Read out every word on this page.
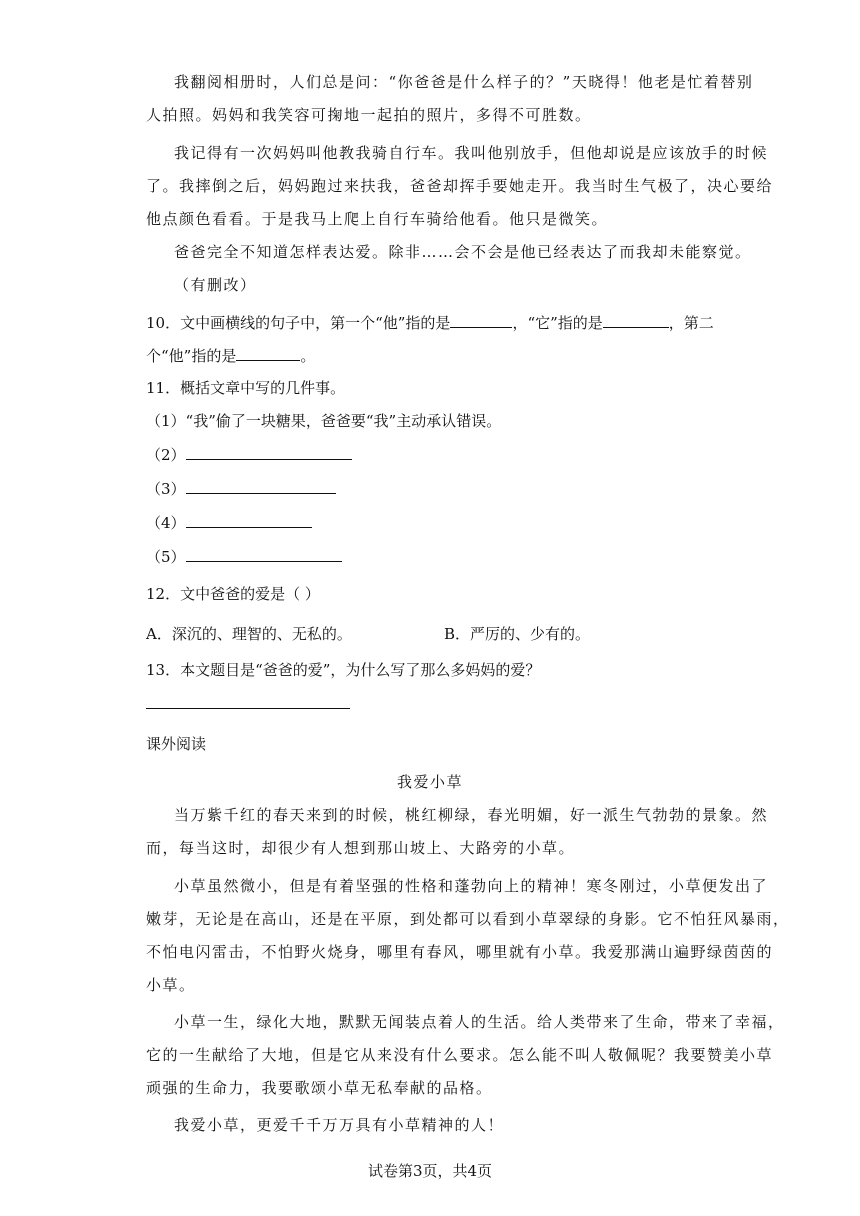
我翻阅相册时，人们总是问：“你爸爸是什么样子的？”天晓得！他老是忙着替别
人拍照。妈妈和我笑容可掬地一起拍的照片，多得不可胜数。
我记得有一次妈妈叫他教我骑自行车。我叫他别放手，但他却说是应该放手的时候
了。我摔倒之后，妈妈跑过来扶我，爸爸却挥手要她走开。我当时生气极了，决心要给
他点颜色看看。于是我马上爬上自行车骑给他看。他只是微笑。
爸爸完全不知道怎样表达爱。除非……会不会是他已经表达了而我却未能察觉。
（有删改）
10．文中画横线的句子中，第一个“他”指的是	，“它”指的是	，第二
个“他”指的是	。
11．概括文章中写的几件事。
（1）“我”偷了一块糖果，爸爸要“我”主动承认错误。
（2）
（3）
（4）
（5）
12．文中爸爸的爱是（ ）
A．深沉的、理智的、无私的。	B．严厉的、少有的。
13．本文题目是“爸爸的爱”，为什么写了那么多妈妈的爱？
课外阅读
我爱小草
当万紫千红的春天来到的时候，桃红柳绿，春光明媚，好一派生气勃勃的景象。然
而，每当这时，却很少有人想到那山坡上、大路旁的小草。
小草虽然微小，但是有着坚强的性格和蓬勃向上的精神！寒冬刚过，小草便发出了
嫩芽，无论是在高山，还是在平原，到处都可以看到小草翠绿的身影。它不怕狂风暴雨，
不怕电闪雷击，不怕野火烧身，哪里有春风，哪里就有小草。我爱那满山遍野绿茵茵的
小草。
小草一生，绿化大地，默默无闻装点着人的生活。给人类带来了生命，带来了幸福，
它的一生献给了大地，但是它从来没有什么要求。怎么能不叫人敬佩呢？我要赞美小草
顽强的生命力，我要歌颂小草无私奉献的品格。
我爱小草，更爱千千万万具有小草精神的人！
试卷第3页，共4页
